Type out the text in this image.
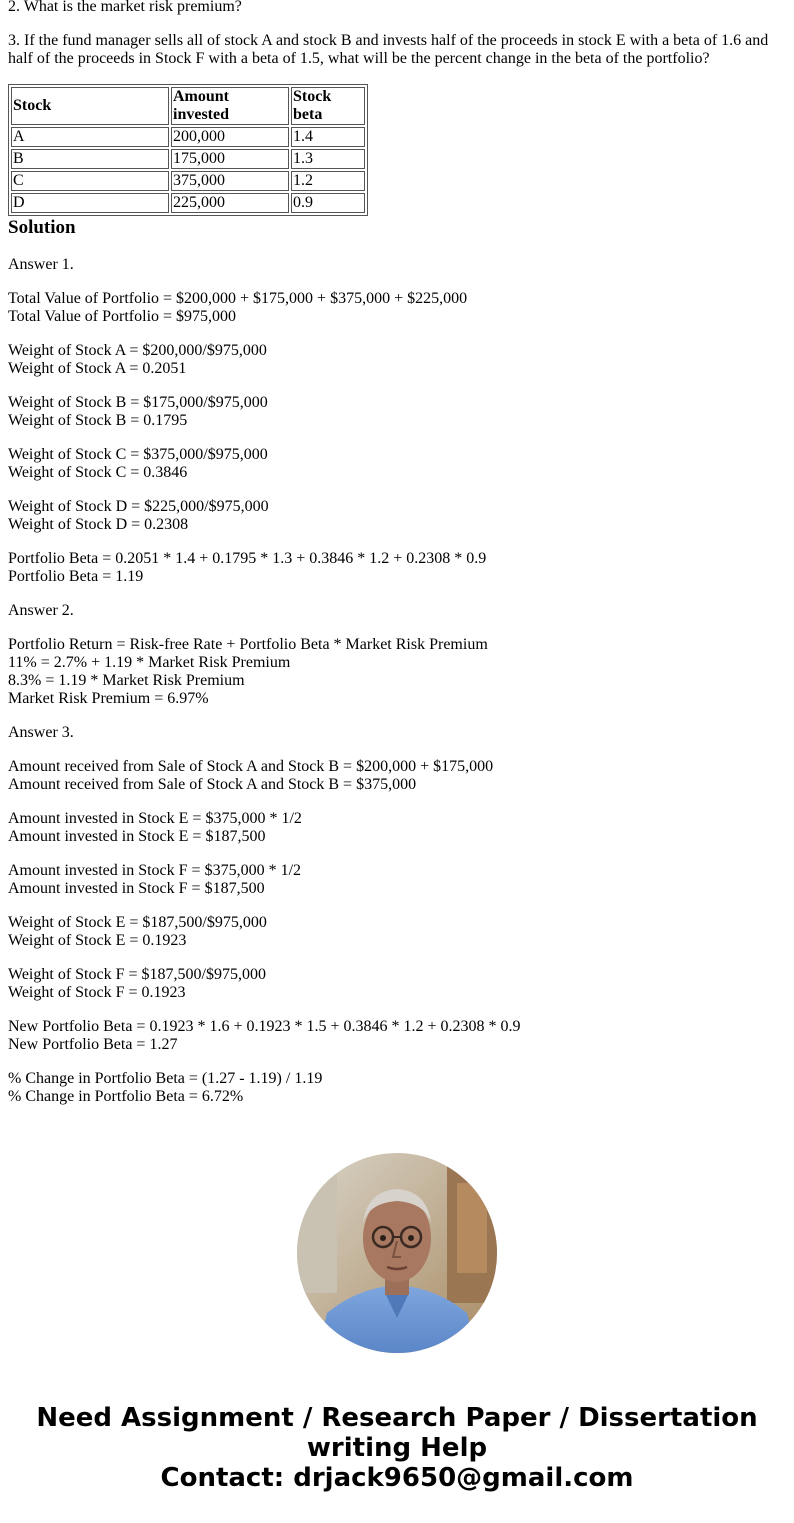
2. What is the market risk premium?

3. If the fund manager sells all of stock A and stock B and invests half of the proceeds in stock E with a beta of 1.6 and half of the proceeds in Stock F with a beta of 1.5, what will be the percent change in the beta of the portfolio?

Stock	Amount invested	Stock beta
A	200,000	1.4
B	175,000	1.3
C	375,000	1.2
D	225,000	0.9
Solution

Answer 1.

Total Value of Portfolio = $200,000 + $175,000 + $375,000 + $225,000

Total Value of Portfolio = $975,000

Weight of Stock A = $200,000/$975,000

Weight of Stock A = 0.2051

Weight of Stock B = $175,000/$975,000

Weight of Stock B = 0.1795

Weight of Stock C = $375,000/$975,000

Weight of Stock C = 0.3846

Weight of Stock D = $225,000/$975,000

Weight of Stock D = 0.2308

Portfolio Beta = 0.2051 * 1.4 + 0.1795 * 1.3 + 0.3846 * 1.2 + 0.2308 * 0.9

Portfolio Beta = 1.19

Answer 2.

Portfolio Return = Risk-free Rate + Portfolio Beta * Market Risk Premium

11% = 2.7% + 1.19 * Market Risk Premium

8.3% = 1.19 * Market Risk Premium

Market Risk Premium = 6.97%

Answer 3.

Amount received from Sale of Stock A and Stock B = $200,000 + $175,000

Amount received from Sale of Stock A and Stock B = $375,000

Amount invested in Stock E = $375,000 * 1/2

Amount invested in Stock E = $187,500

Amount invested in Stock F = $375,000 * 1/2

Amount invested in Stock F = $187,500

Weight of Stock E = $187,500/$975,000

Weight of Stock E = 0.1923

Weight of Stock F = $187,500/$975,000

Weight of Stock F = 0.1923

New Portfolio Beta = 0.1923 * 1.6 + 0.1923 * 1.5 + 0.3846 * 1.2 + 0.2308 * 0.9

New Portfolio Beta = 1.27

% Change in Portfolio Beta = (1.27 - 1.19) / 1.19

% Change in Portfolio Beta = 6.72%

Need Assignment / Research Paper / Dissertation
writing Help
Contact: drjack9650@gmail.com
